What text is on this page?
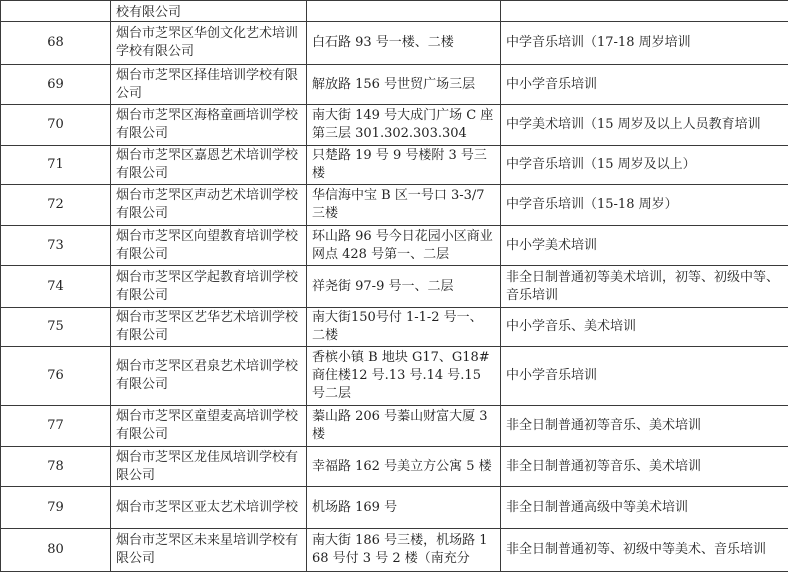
	校有限公司		
68	烟台市芝罘区华创文化艺术培训学校有限公司	白石路 93 号一楼、二楼	中学音乐培训（17-18 周岁培训
69	烟台市芝罘区择佳培训学校有限公司	解放路 156 号世贸广场三层	中小学音乐培训
70	烟台市芝罘区海格童画培训学校有限公司	南大街 149 号大成门广场 C 座第三层 301.302.303.304	中学美术培训（15 周岁及以上人员教育培训
71	烟台市芝罘区嘉恩艺术培训学校有限公司	只楚路 19 号 9 号楼附 3 号三楼	中学音乐培训（15 周岁及以上）
72	烟台市芝罘区声动艺术培训学校有限公司	华信海中宝 B 区一号口 3-3/7 三楼	中学音乐培训（15-18 周岁）
73	烟台市芝罘区向望教育培训学校有限公司	环山路 96 号今日花园小区商业网点 428 号第一、二层	中小学美术培训
74	烟台市芝罘区学起教育培训学校有限公司	祥尧街 97-9 号一、二层	非全日制普通初等美术培训，初等、初级中等、音乐培训
75	烟台市芝罘区艺华艺术培训学校有限公司	南大街150号付 1-1-2 号一、二楼	中小学音乐、美术培训
76	烟台市芝罘区君泉艺术培训学校有限公司	香槟小镇 B 地块 G17、G18#商住楼12 号.13 号.14 号.15 号二层	中小学音乐培训
77	烟台市芝罘区童望麦高培训学校有限公司	蓁山路 206 号蓁山财富大厦 3 楼	非全日制普通初等音乐、美术培训
78	烟台市芝罘区龙佳凤培训学校有限公司	幸福路 162 号美立方公寓 5 楼	非全日制普通初等音乐、美术培训
79	烟台市芝罘区亚太艺术培训学校	机场路 169 号	非全日制普通高级中等美术培训
80	烟台市芝罘区未来星培训学校有限公司	南大街 186 号三楼，机场路 168 号付 3 号 2 楼（南充分	非全日制普通初等、初级中等美术、音乐培训
